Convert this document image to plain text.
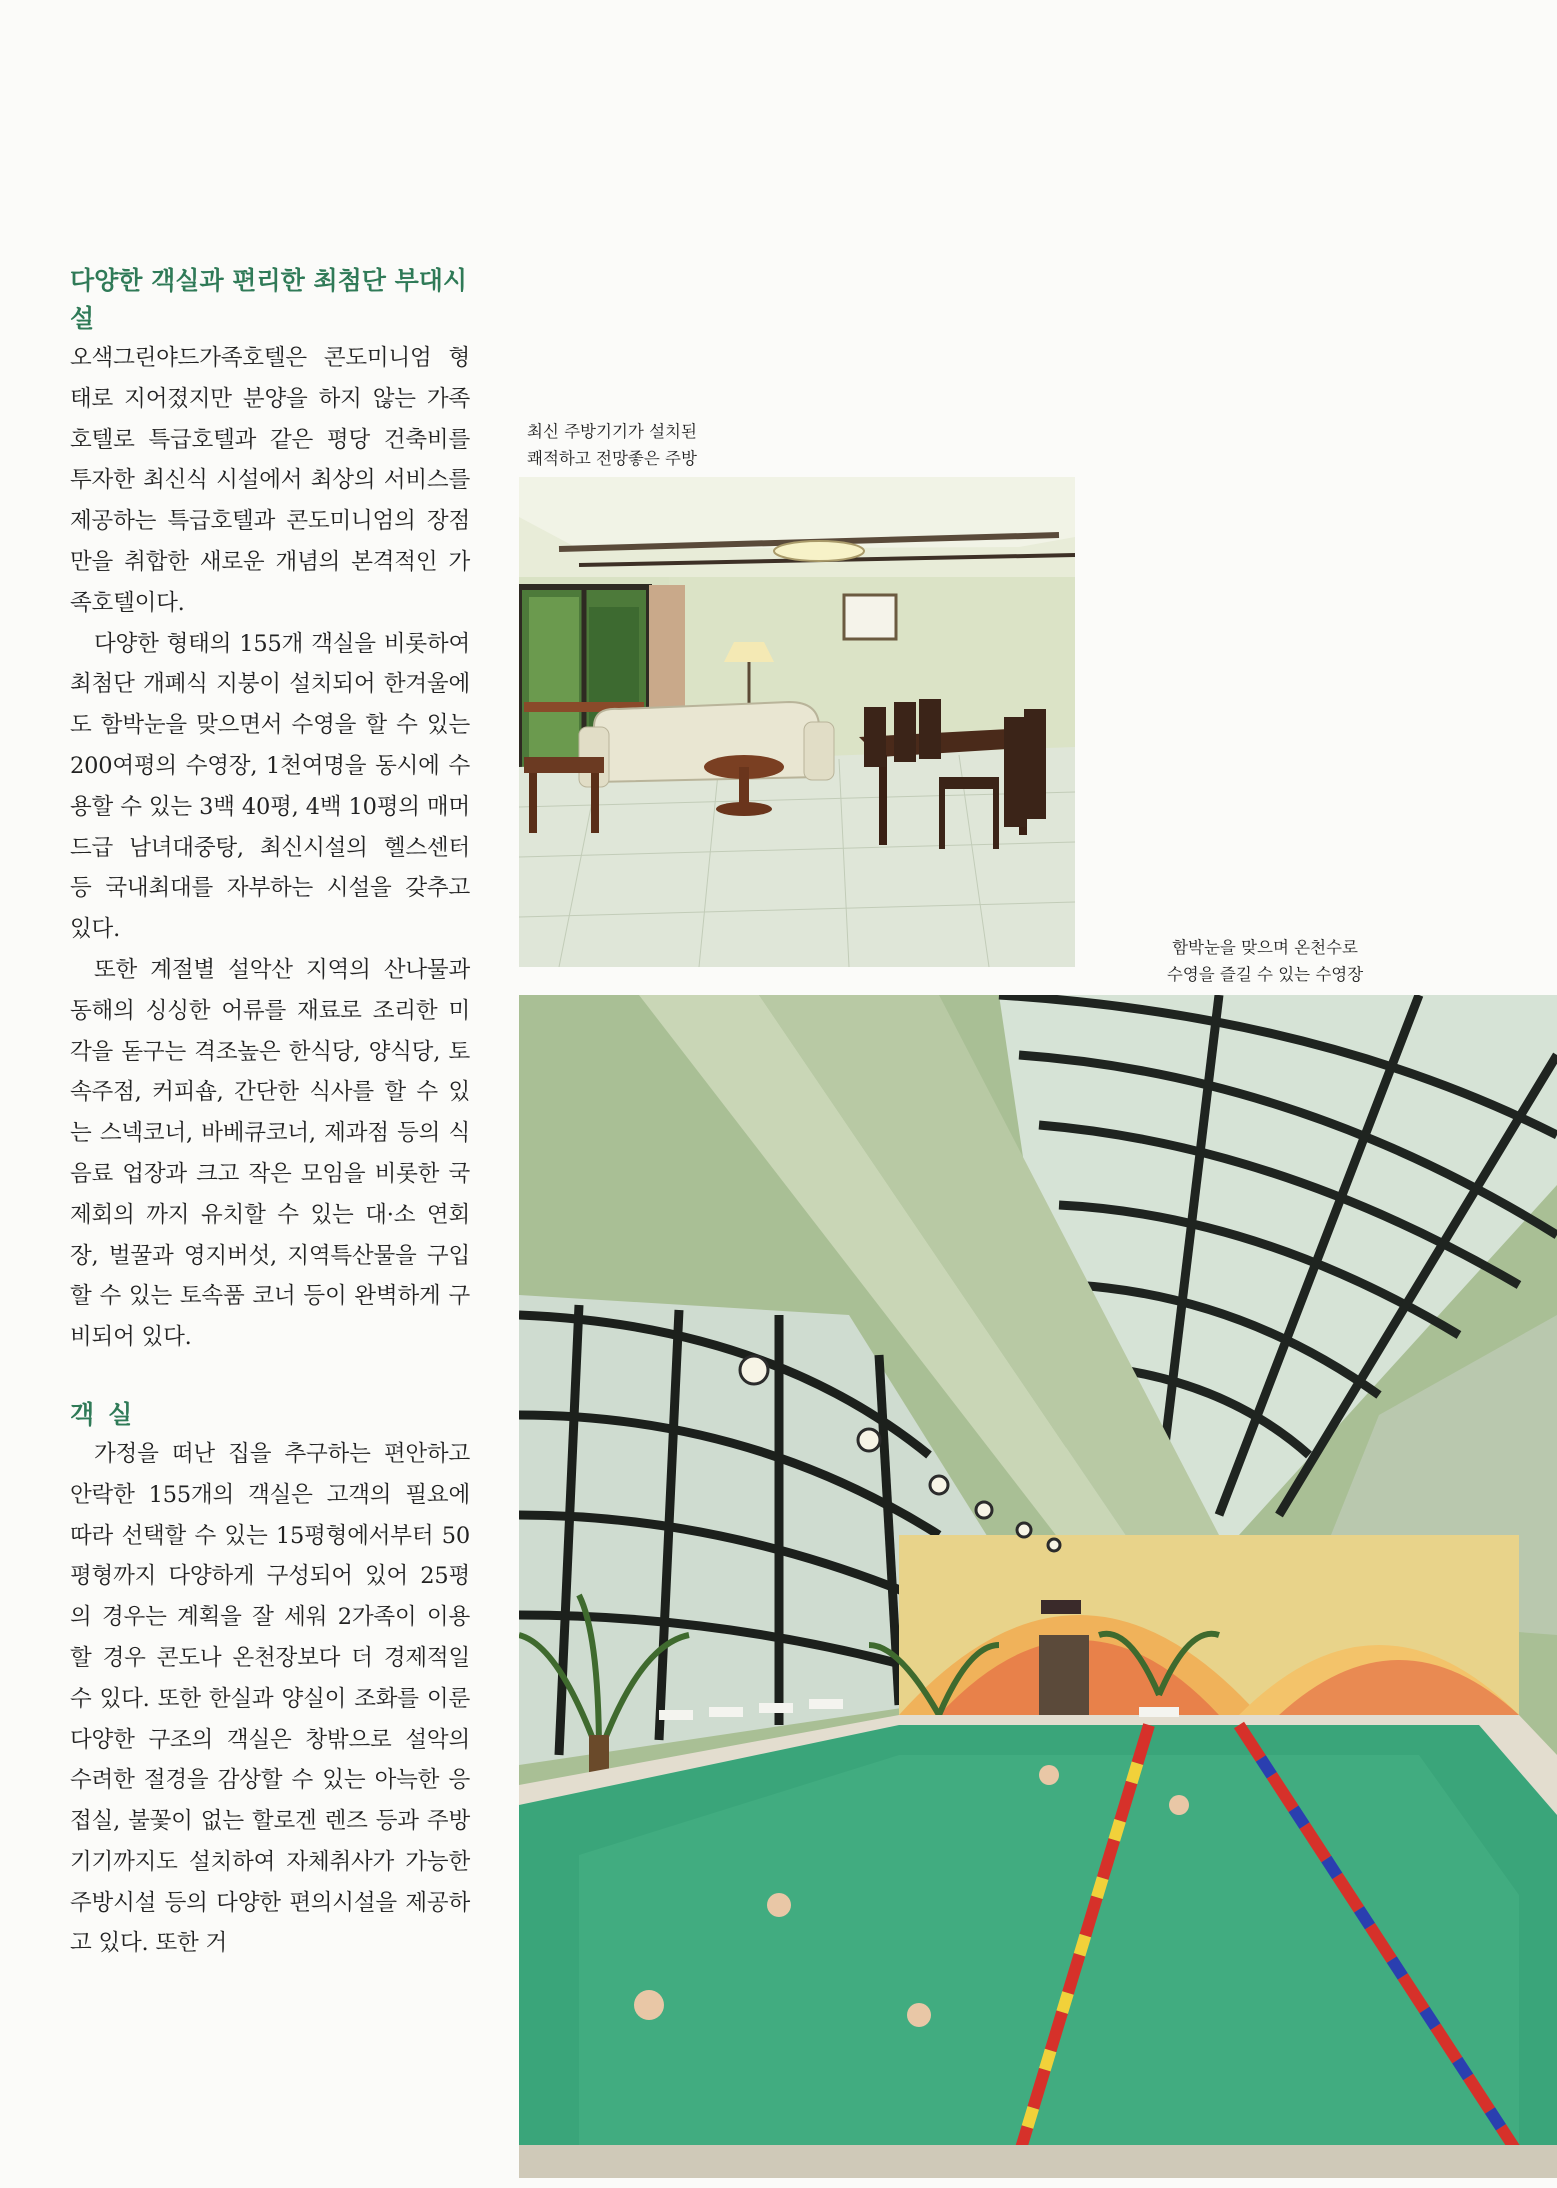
다양한 객실과 편리한 최첨단 부대시설

오색그린야드가족호텔은 콘도미니엄 형태로 지어졌지만 분양을 하지 않는 가족호텔로 특급호텔과 같은 평당 건축비를 투자한 최신식 시설에서 최상의 서비스를 제공하는 특급호텔과 콘도미니엄의 장점만을 취합한 새로운 개념의 본격적인 가족호텔이다.

다양한 형태의 155개 객실을 비롯하여 최첨단 개폐식 지붕이 설치되어 한겨울에도 함박눈을 맞으면서 수영을 할 수 있는 200여평의 수영장, 1천여명을 동시에 수용할 수 있는 3백 40평, 4백 10평의 매머드급 남녀대중탕, 최신시설의 헬스센터 등 국내최대를 자부하는 시설을 갖추고 있다.

또한 계절별 설악산 지역의 산나물과 동해의 싱싱한 어류를 재료로 조리한 미각을 돋구는 격조높은 한식당, 양식당, 토속주점, 커피숍, 간단한 식사를 할 수 있는 스넥코너, 바베큐코너, 제과점 등의 식음료 업장과 크고 작은 모임을 비롯한 국제회의 까지 유치할 수 있는 대·소 연회장, 벌꿀과 영지버섯, 지역특산물을 구입할 수 있는 토속품 코너 등이 완벽하게 구비되어 있다.

객실

가정을 떠난 집을 추구하는 편안하고 안락한 155개의 객실은 고객의 필요에 따라 선택할 수 있는 15평형에서부터 50평형까지 다양하게 구성되어 있어 25평의 경우는 계획을 잘 세워 2가족이 이용할 경우 콘도나 온천장보다 더 경제적일 수 있다. 또한 한실과 양실이 조화를 이룬 다양한 구조의 객실은 창밖으로 설악의 수려한 절경을 감상할 수 있는 아늑한 응접실, 불꽃이 없는 할로겐 렌즈 등과 주방기기까지도 설치하여 자체취사가 가능한 주방시설 등의 다양한 편의시설을 제공하고 있다. 또한 거

최신 주방기기가 설치된
쾌적하고 전망좋은 주방
함박눈을 맞으며 온천수로
수영을 즐길 수 있는 수영장
